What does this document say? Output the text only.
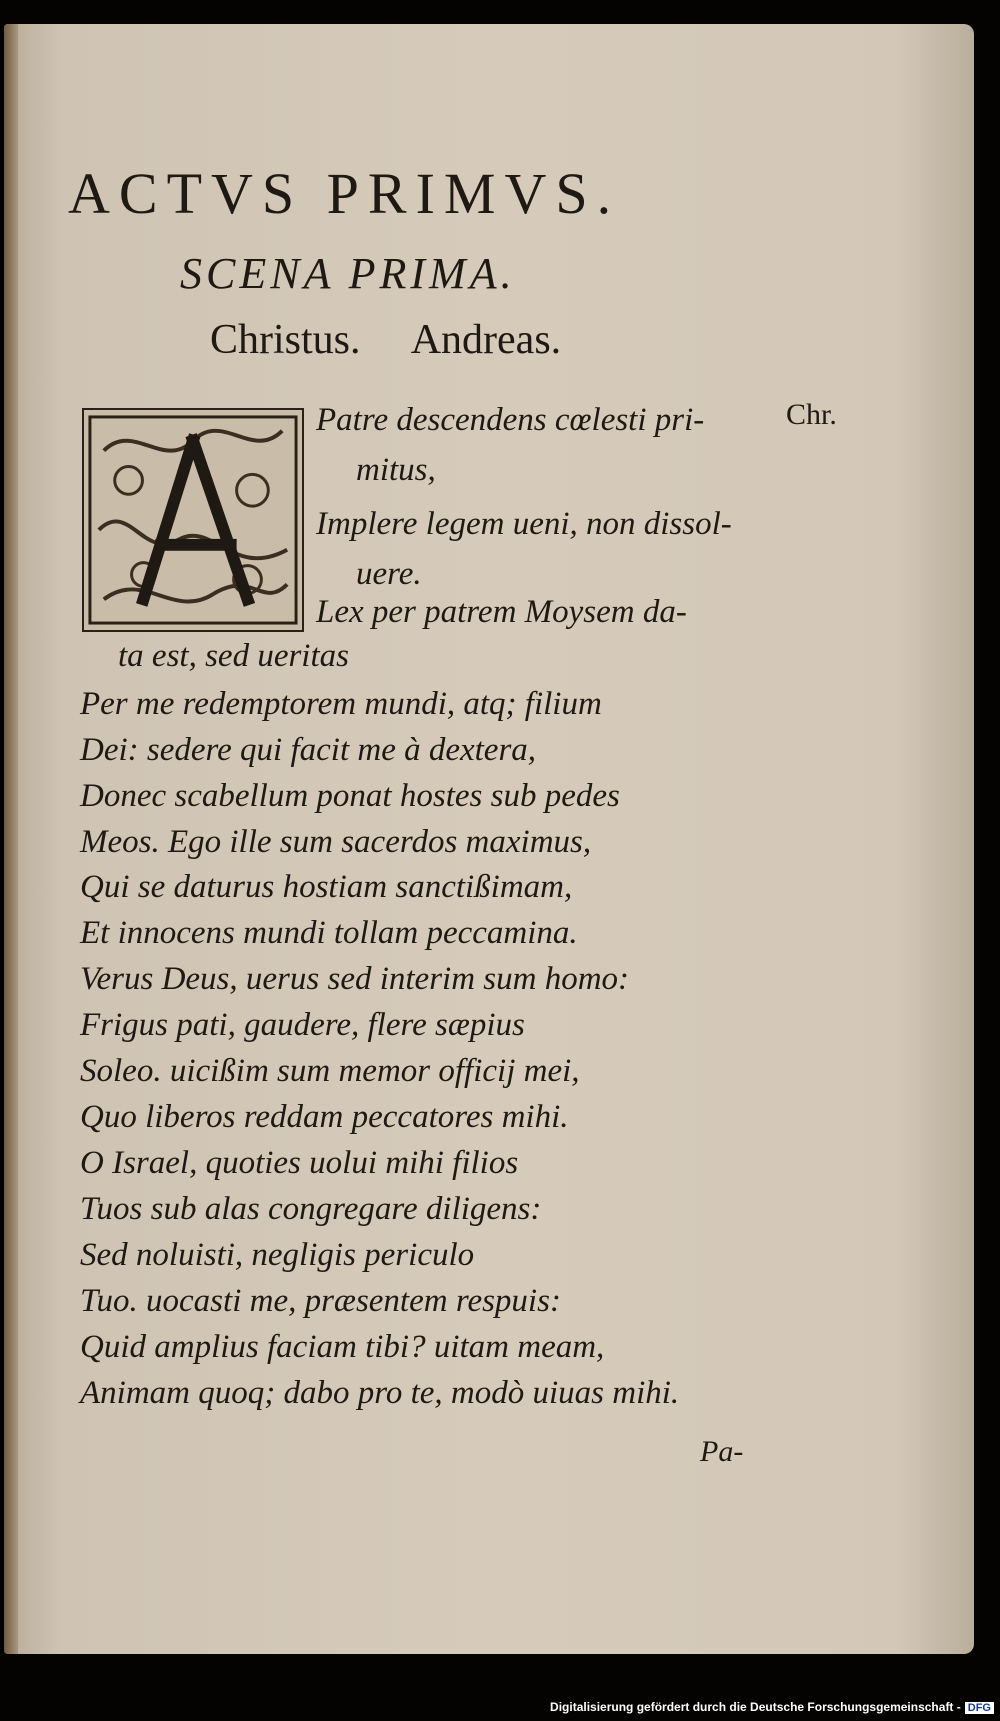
ACTVS PRIMVS.
SCENA PRIMA.
Christus. Andreas.
Chr.
A
Patre descendens cœlesti pri-
mitus,
Implere legem ueni, non dissol-
uere.
Lex per patrem Moysem da-
ta est, sed ueritas
Per me redemptorem mundi, atq; filium
Dei: sedere qui facit me à dextera,
Donec scabellum ponat hostes sub pedes
Meos. Ego ille sum sacerdos maximus,
Qui se daturus hostiam sanctißimam,
Et innocens mundi tollam peccamina.
Verus Deus, uerus sed interim sum homo:
Frigus pati, gaudere, flere sæpius
Soleo. uicißim sum memor officij mei,
Quo liberos reddam peccatores mihi.
O Israel, quoties uolui mihi filios
Tuos sub alas congregare diligens:
Sed noluisti, negligis periculo
Tuo. uocasti me, præsentem respuis:
Quid amplius faciam tibi? uitam meam,
Animam quoq; dabo pro te, modò uiuas mihi.
Pa-
Digitalisierung gefördert durch die Deutsche Forschungsgemeinschaft - DFG
